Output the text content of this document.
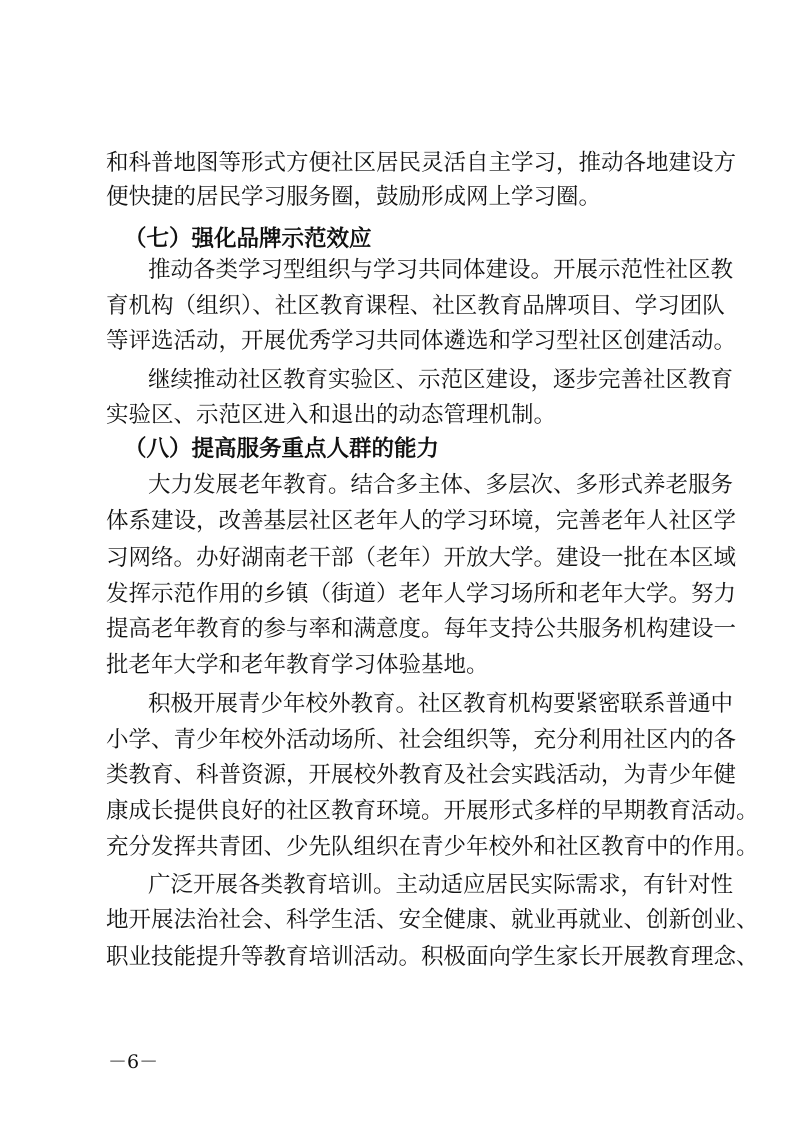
和科普地图等形式方便社区居民灵活自主学习，推动各地建设方
便快捷的居民学习服务圈，鼓励形成网上学习圈。
（七）强化品牌示范效应
推动各类学习型组织与学习共同体建设。开展示范性社区教
育机构（组织）、社区教育课程、社区教育品牌项目、学习团队
等评选活动，开展优秀学习共同体遴选和学习型社区创建活动。
继续推动社区教育实验区、示范区建设，逐步完善社区教育
实验区、示范区进入和退出的动态管理机制。
（八）提高服务重点人群的能力
大力发展老年教育。结合多主体、多层次、多形式养老服务
体系建设，改善基层社区老年人的学习环境，完善老年人社区学
习网络。办好湖南老干部（老年）开放大学。建设一批在本区域
发挥示范作用的乡镇（街道）老年人学习场所和老年大学。努力
提高老年教育的参与率和满意度。每年支持公共服务机构建设一
批老年大学和老年教育学习体验基地。
积极开展青少年校外教育。社区教育机构要紧密联系普通中
小学、青少年校外活动场所、社会组织等，充分利用社区内的各
类教育、科普资源，开展校外教育及社会实践活动，为青少年健
康成长提供良好的社区教育环境。开展形式多样的早期教育活动。
充分发挥共青团、少先队组织在青少年校外和社区教育中的作用。
广泛开展各类教育培训。主动适应居民实际需求，有针对性
地开展法治社会、科学生活、安全健康、就业再就业、创新创业、
职业技能提升等教育培训活动。积极面向学生家长开展教育理念、
－6－
